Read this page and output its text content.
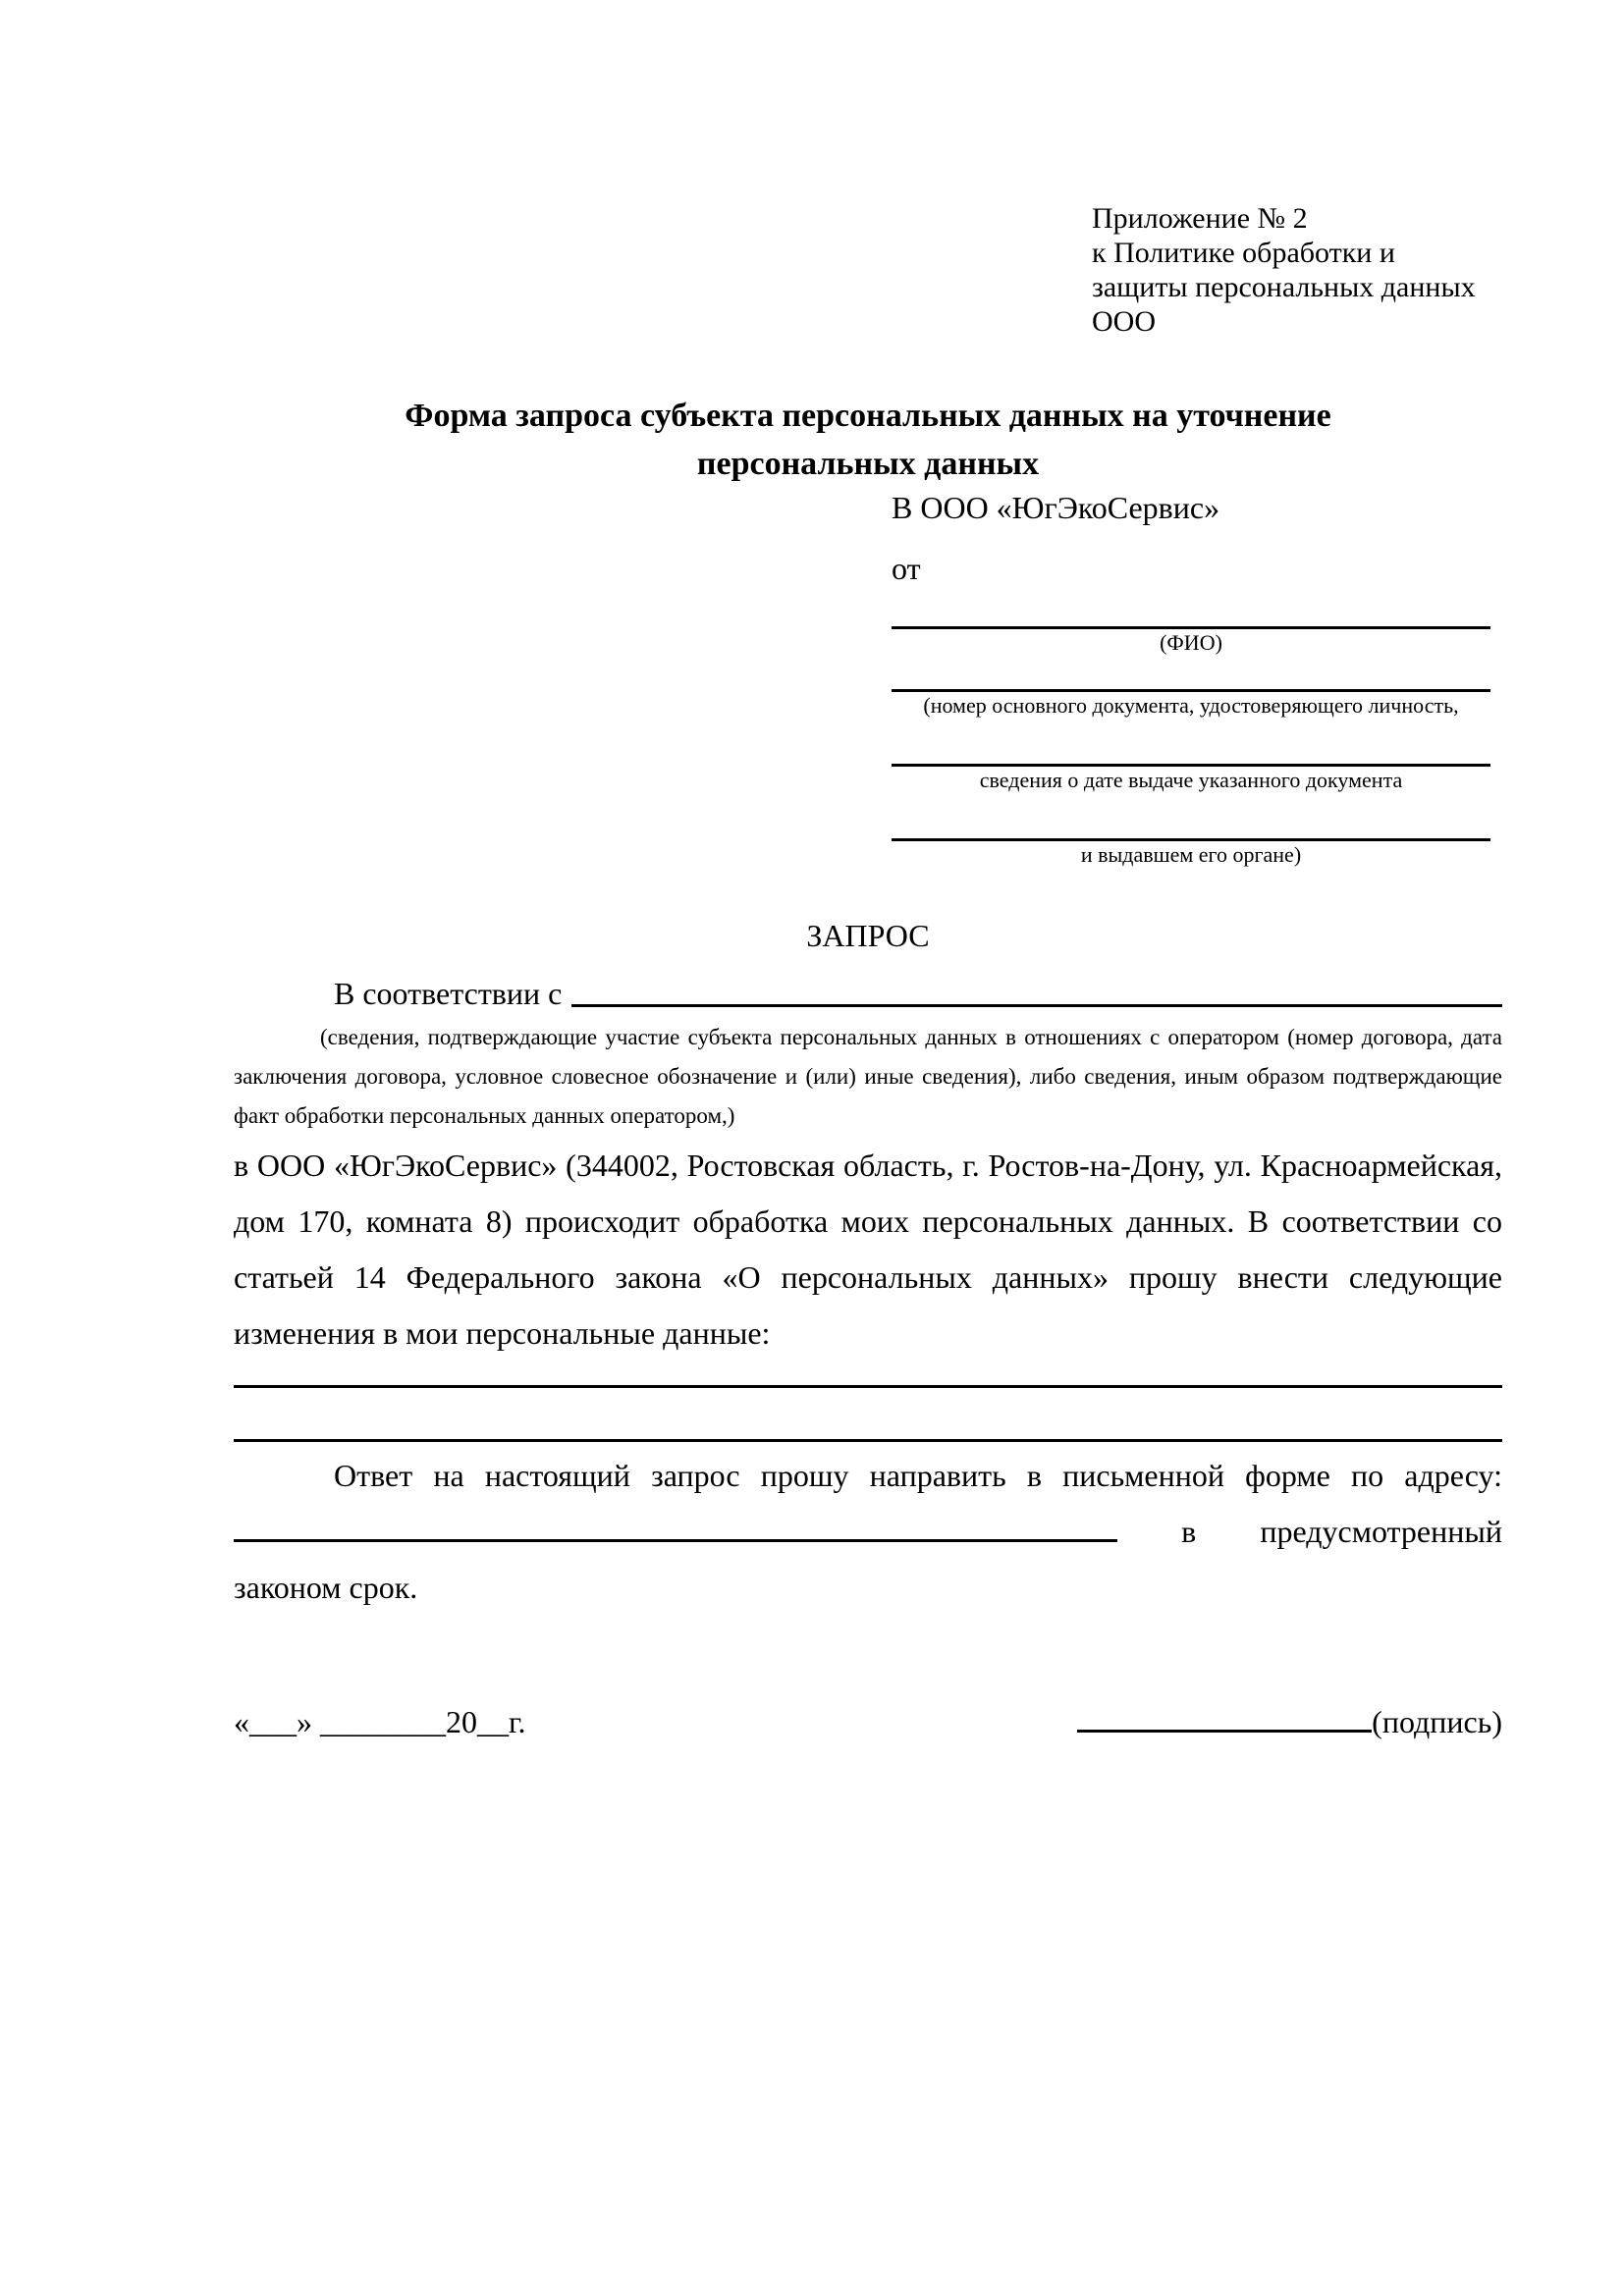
Приложение № 2
к Политике обработки и
защиты персональных данных
ООО
Форма запроса субъекта персональных данных на уточнение
персональных данных
В ООО «ЮгЭкоСервис»
от
(ФИО)
(номер основного документа, удостоверяющего личность,
сведения о дате выдаче указанного документа
и выдавшем его органе)
ЗАПРОС
В соответствии с
(сведения, подтверждающие участие субъекта персональных данных в отношениях с оператором (номер договора, дата заключения договора, условное словесное обозначение и (или) иные сведения), либо сведения, иным образом подтверждающие факт обработки персональных данных оператором,)

в ООО «ЮгЭкоСервис» (344002, Ростовская область, г. Ростов-на-Дону, ул. Красноармейская, дом 170, комната 8) происходит обработка моих персональных данных. В соответствии со статьей 14 Федерального закона «О персональных данных» прошу внести следующие изменения в мои персональные данные:

Ответ на настоящий запрос прошу направить в письменной форме по адресу:  в предусмотренный законом срок.

«___» ________20__г.	(подпись)
